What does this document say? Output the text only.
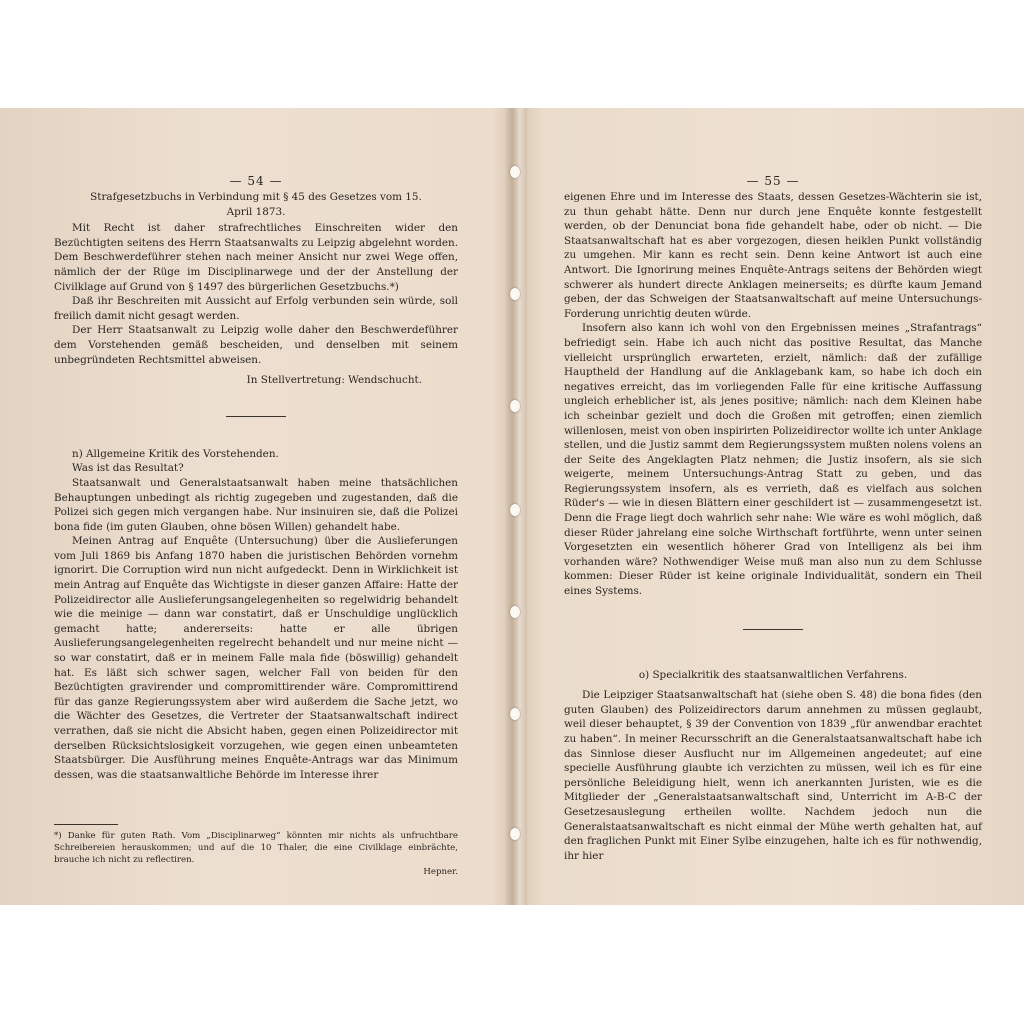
— 54 —

Strafgesetzbuchs in Verbindung mit § 45 des Gesetzes vom 15. April 1873.

Mit Recht ist daher strafrechtliches Einschreiten wider den Bezüchtigten seitens des Herrn Staatsanwalts zu Leipzig abgelehnt worden. Dem Beschwerdeführer stehen nach meiner Ansicht nur zwei Wege offen, nämlich der der Rüge im Disciplinarwege und der der Anstellung der Civilklage auf Grund von § 1497 des bürgerlichen Gesetzbuchs.*)

Daß ihr Beschreiten mit Aussicht auf Erfolg verbunden sein würde, soll freilich damit nicht gesagt werden.

Der Herr Staatsanwalt zu Leipzig wolle daher den Beschwerdeführer dem Vorstehenden gemäß bescheiden, und denselben mit seinem unbegründeten Rechtsmittel abweisen.

In Stellvertretung: Wendschucht.

n) Allgemeine Kritik des Vorstehenden.

Was ist das Resultat?

Staatsanwalt und Generalstaatsanwalt haben meine thatsächlichen Behauptungen unbedingt als richtig zugegeben und zugestanden, daß die Polizei sich gegen mich vergangen habe. Nur insinuiren sie, daß die Polizei bona fide (im guten Glauben, ohne bösen Willen) gehandelt habe.

Meinen Antrag auf Enquête (Untersuchung) über die Auslieferungen vom Juli 1869 bis Anfang 1870 haben die juristischen Behörden vornehm ignorirt. Die Corruption wird nun nicht aufgedeckt. Denn in Wirklichkeit ist mein Antrag auf Enquête das Wichtigste in dieser ganzen Affaire: Hatte der Polizeidirector alle Auslieferungsangelegenheiten so regelwidrig behandelt wie die meinige — dann war constatirt, daß er Unschuldige unglücklich gemacht hatte; andererseits: hatte er alle übrigen Auslieferungsangelegenheiten regelrecht behandelt und nur meine nicht — so war constatirt, daß er in meinem Falle mala fide (böswillig) gehandelt hat. Es läßt sich schwer sagen, welcher Fall von beiden für den Bezüchtigten gravirender und compromittirender wäre. Compromittirend für das ganze Regierungssystem aber wird außerdem die Sache jetzt, wo die Wächter des Gesetzes, die Vertreter der Staatsanwaltschaft indirect verrathen, daß sie nicht die Absicht haben, gegen einen Polizeidirector mit derselben Rücksichtslosigkeit vorzugehen, wie gegen einen unbeamteten Staatsbürger. Die Ausführung meines Enquête-Antrags war das Minimum dessen, was die staatsanwaltliche Behörde im Interesse ihrer

*) Danke für guten Rath. Vom „Disciplinarweg“ könnten mir nichts als unfruchtbare Schreibereien herauskommen; und auf die 10 Thaler, die eine Civilklage einbrächte, brauche ich nicht zu reflectiren.
Hepner.
— 55 —

eigenen Ehre und im Interesse des Staats, dessen Gesetzes-Wächterin sie ist, zu thun gehabt hätte. Denn nur durch jene Enquête konnte festgestellt werden, ob der Denunciat bona fide gehandelt habe, oder ob nicht. — Die Staatsanwaltschaft hat es aber vorgezogen, diesen heiklen Punkt vollständig zu umgehen. Mir kann es recht sein. Denn keine Antwort ist auch eine Antwort. Die Ignorirung meines Enquête-Antrags seitens der Behörden wiegt schwerer als hundert directe Anklagen meinerseits; es dürfte kaum Jemand geben, der das Schweigen der Staatsanwaltschaft auf meine Untersuchungs-Forderung unrichtig deuten würde.

Insofern also kann ich wohl von den Ergebnissen meines „Strafantrags“ befriedigt sein. Habe ich auch nicht das positive Resultat, das Manche vielleicht ursprünglich erwarteten, erzielt, nämlich: daß der zufällige Hauptheld der Handlung auf die Anklagebank kam, so habe ich doch ein negatives erreicht, das im vorliegenden Falle für eine kritische Auffassung ungleich erheblicher ist, als jenes positive; nämlich: nach dem Kleinen habe ich scheinbar gezielt und doch die Großen mit getroffen; einen ziemlich willenlosen, meist von oben inspirirten Polizeidirector wollte ich unter Anklage stellen, und die Justiz sammt dem Regierungssystem mußten nolens volens an der Seite des Angeklagten Platz nehmen; die Justiz insofern, als sie sich weigerte, meinem Untersuchungs-Antrag Statt zu geben, und das Regierungssystem insofern, als es verrieth, daß es vielfach aus solchen Rüder's — wie in diesen Blättern einer geschildert ist — zusammengesetzt ist. Denn die Frage liegt doch wahrlich sehr nahe: Wie wäre es wohl möglich, daß dieser Rüder jahrelang eine solche Wirthschaft fortführte, wenn unter seinen Vorgesetzten ein wesentlich höherer Grad von Intelligenz als bei ihm vorhanden wäre? Nothwendiger Weise muß man also nun zu dem Schlusse kommen: Dieser Rüder ist keine originale Individualität, sondern ein Theil eines Systems.

o) Specialkritik des staatsanwaltlichen Verfahrens.

Die Leipziger Staatsanwaltschaft hat (siehe oben S. 48) die bona fides (den guten Glauben) des Polizeidirectors darum annehmen zu müssen geglaubt, weil dieser behauptet, § 39 der Convention von 1839 „für anwendbar erachtet zu haben“. In meiner Recursschrift an die Generalstaatsanwaltschaft habe ich das Sinnlose dieser Ausflucht nur im Allgemeinen angedeutet; auf eine specielle Ausführung glaubte ich verzichten zu müssen, weil ich es für eine persönliche Beleidigung hielt, wenn ich anerkannten Juristen, wie es die Mitglieder der „Generalstaatsanwaltschaft sind, Unterricht im A-B-C der Gesetzesauslegung ertheilen wollte. Nachdem jedoch nun die Generalstaatsanwaltschaft es nicht einmal der Mühe werth gehalten hat, auf den fraglichen Punkt mit Einer Sylbe einzugehen, halte ich es für nothwendig, ihr hier
